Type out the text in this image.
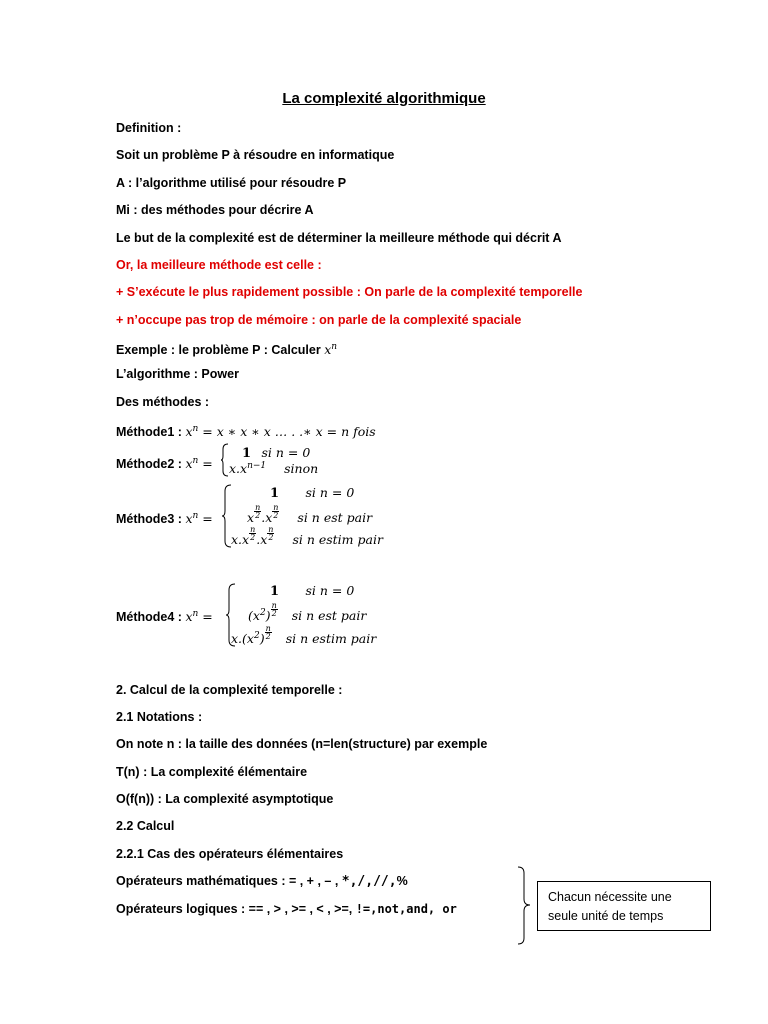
La complexité algorithmique
Definition :
Soit un problème P à résoudre en informatique
A : l’algorithme utilisé pour résoudre P
Mi : des méthodes pour décrire A
Le but de la complexité est de déterminer la meilleure méthode qui décrit A
Or, la meilleure méthode est celle :
+ S’exécute le plus rapidement possible : On parle de la complexité temporelle
+ n’occupe pas trop de mémoire : on parle de la complexité spaciale
Exemple : le problème P : Calculer $x^n$
L’algorithme : Power
Des méthodes :
Méthode1 : $x^n = x$ ∗ x ∗ x … . .∗ x = n fois
Méthode2 : $x^n$ =
1 si n = 0
$x.x^{n-1}$ sinon
Méthode3 : $x^n$ =
1 si n = 0
x $\frac{n}{2} .x \frac{n}{2}$ si n est pair
$x.x \frac{n}{2} .x \frac{n}{2}$ si n estim pair
Méthode4 : $x^n$ =
1 si n = 0
$(x^2) \frac{n}{2}$ si n est pair
$x.(x^2) \frac{n}{2}$ si n estim pair
2. Calcul de la complexité temporelle :
2.1 Notations :
On note n : la taille des données (n=len(structure) par exemple
T(n) : La complexité élémentaire
O(f(n)) : La complexité asymptotique
2.2 Calcul
2.2.1 Cas des opérateurs élémentaires
Opérateurs mathématiques : = , + , – , *,/,//,%
Opérateurs logiques : == , > , >= , < , >=, !=,not,and, or
Chacun nécessite une seule unité de temps
